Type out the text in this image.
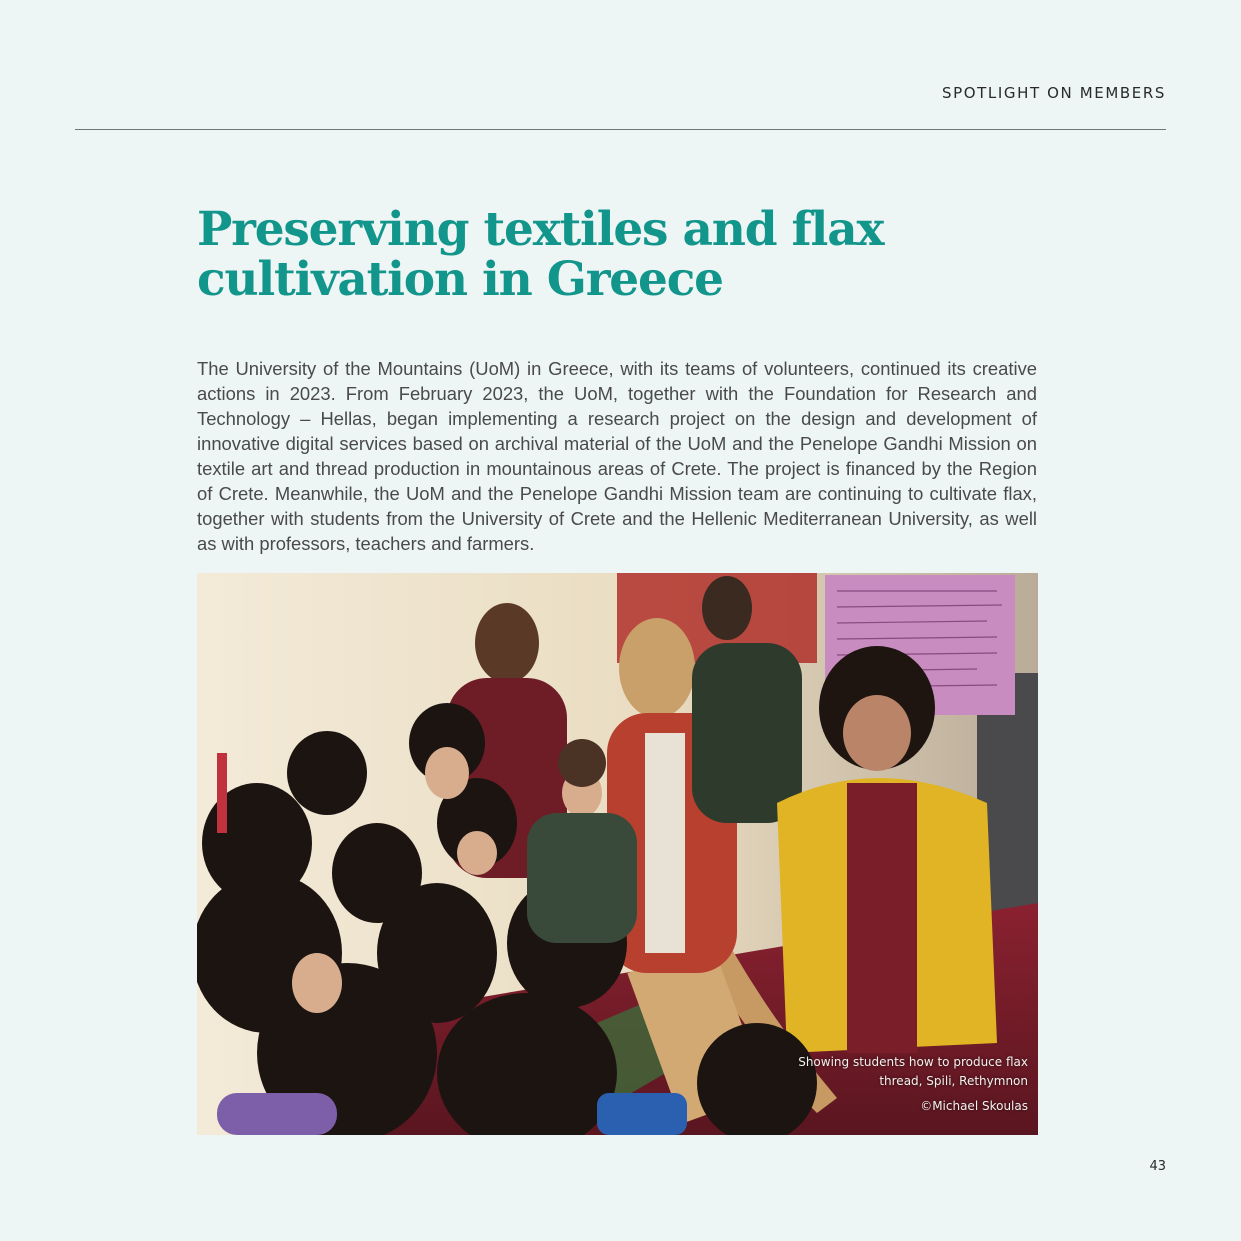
SPOTLIGHT ON MEMBERS
Preserving textiles and flax cultivation in Greece

The University of the Mountains (UoM) in Greece, with its teams of volunteers, continued its creative actions in 2023. From February 2023, the UoM, together with the Foundation for Research and Technology – Hellas, began implementing a research project on the design and development of innovative digital services based on archival material of the UoM and the Penelope Gandhi Mission on textile art and thread production in mountainous areas of Crete. The project is financed by the Region of Crete. Meanwhile, the UoM and the Penelope Gandhi Mission team are continuing to cultivate flax, together with students from the University of Crete and the Hellenic Mediterranean University, as well as with professors, teachers and farmers.

Showing students how to produce flax thread, Spili, Rethymnon
©Michael Skoulas
43
